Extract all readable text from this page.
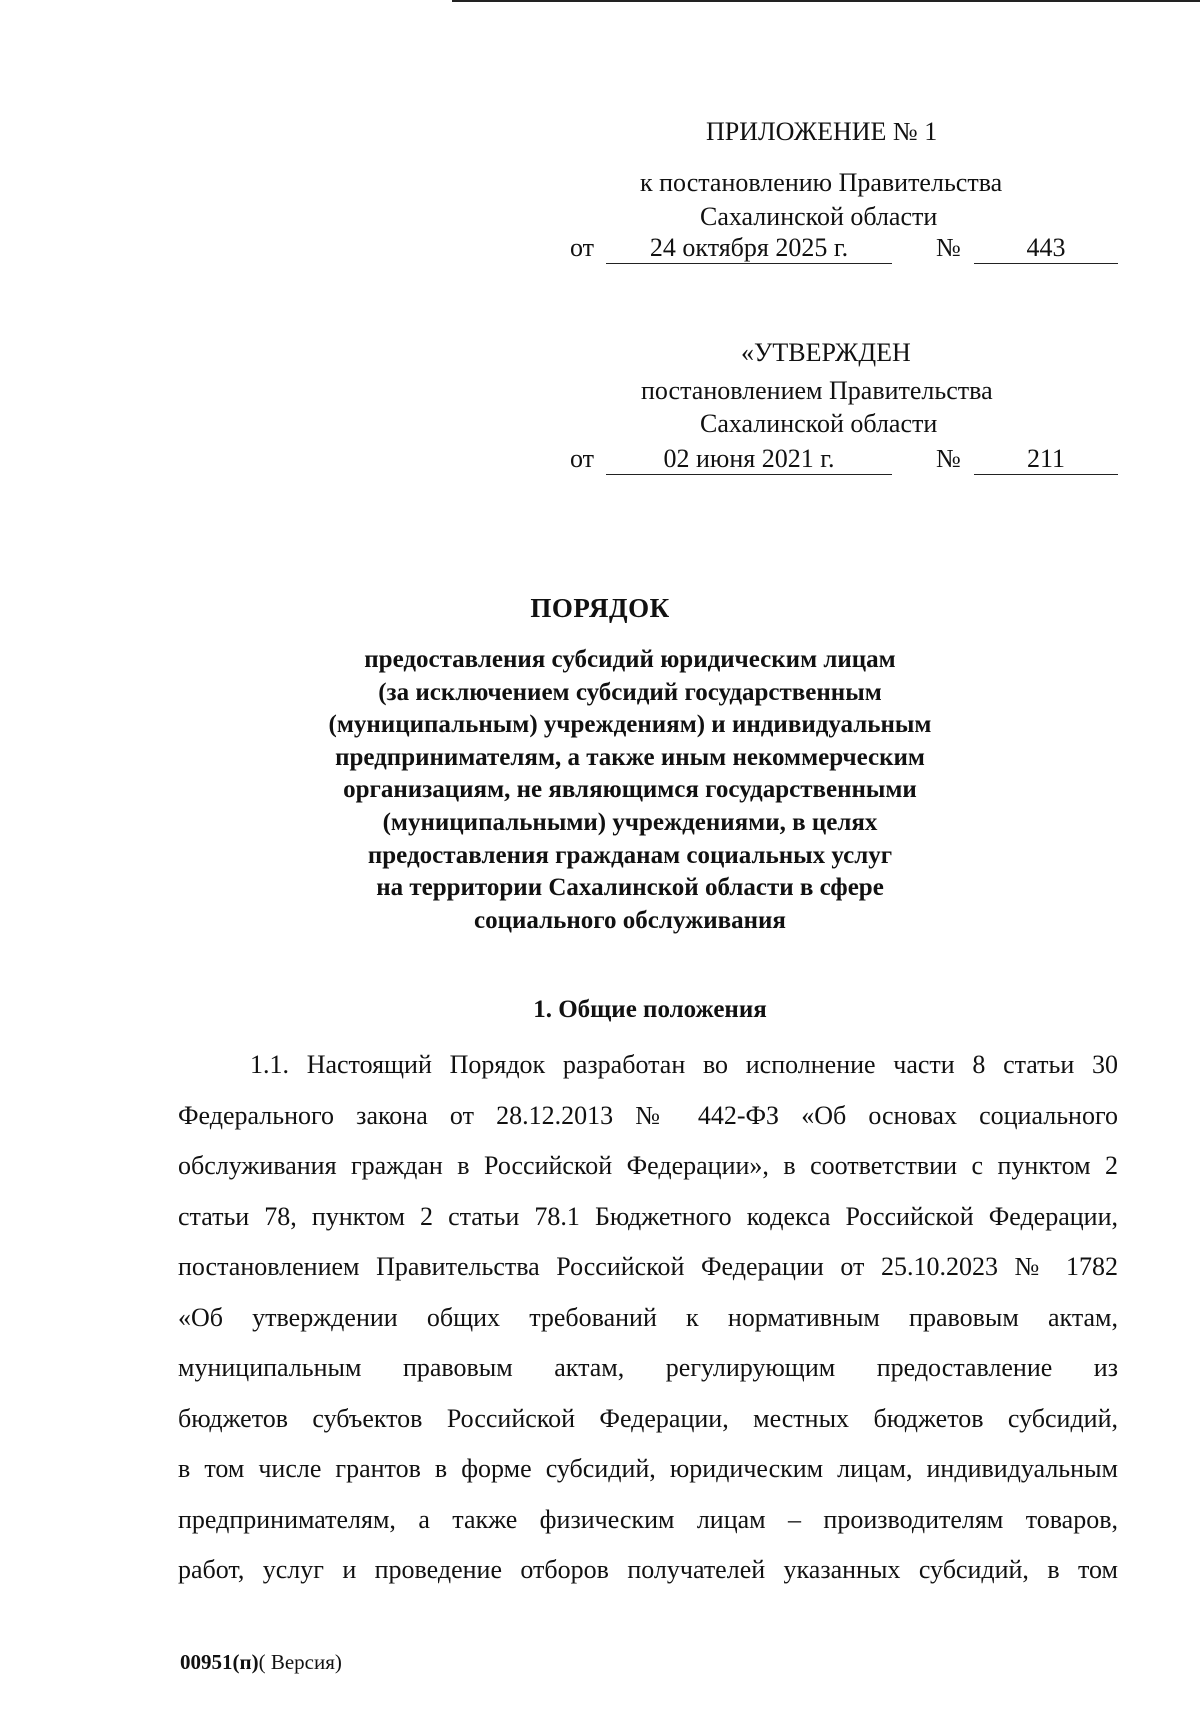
ПРИЛОЖЕНИЕ № 1
к постановлению Правительства
Сахалинской области
от	24 октября 2025 г.	№	443
«УТВЕРЖДЕН
постановлением Правительства
Сахалинской области
от	02 июня 2021 г.	№	211
ПОРЯДОК
предоставления субсидий юридическим лицам
(за исключением субсидий государственным
(муниципальным) учреждениям) и индивидуальным
предпринимателям, а также иным некоммерческим
организациям, не являющимся государственными
(муниципальными) учреждениями, в целях
предоставления гражданам социальных услуг
на территории Сахалинской области в сфере
социального обслуживания
1. Общие положения
1.1. Настоящий Порядок разработан во исполнение части 8 статьи 30
Федерального закона от 28.12.2013 № 442-ФЗ «Об основах социального
обслуживания граждан в Российской Федерации», в соответствии с пунктом 2
статьи 78, пунктом 2 статьи 78.1 Бюджетного кодекса Российской Федерации,
постановлением Правительства Российской Федерации от 25.10.2023 № 1782
«Об утверждении общих требований к нормативным правовым актам,
муниципальным правовым актам, регулирующим предоставление из
бюджетов субъектов Российской Федерации, местных бюджетов субсидий,
в том числе грантов в форме субсидий, юридическим лицам, индивидуальным
предпринимателям, а также физическим лицам – производителям товаров,
работ, услуг и проведение отборов получателей указанных субсидий, в том
00951(п)( Версия)
